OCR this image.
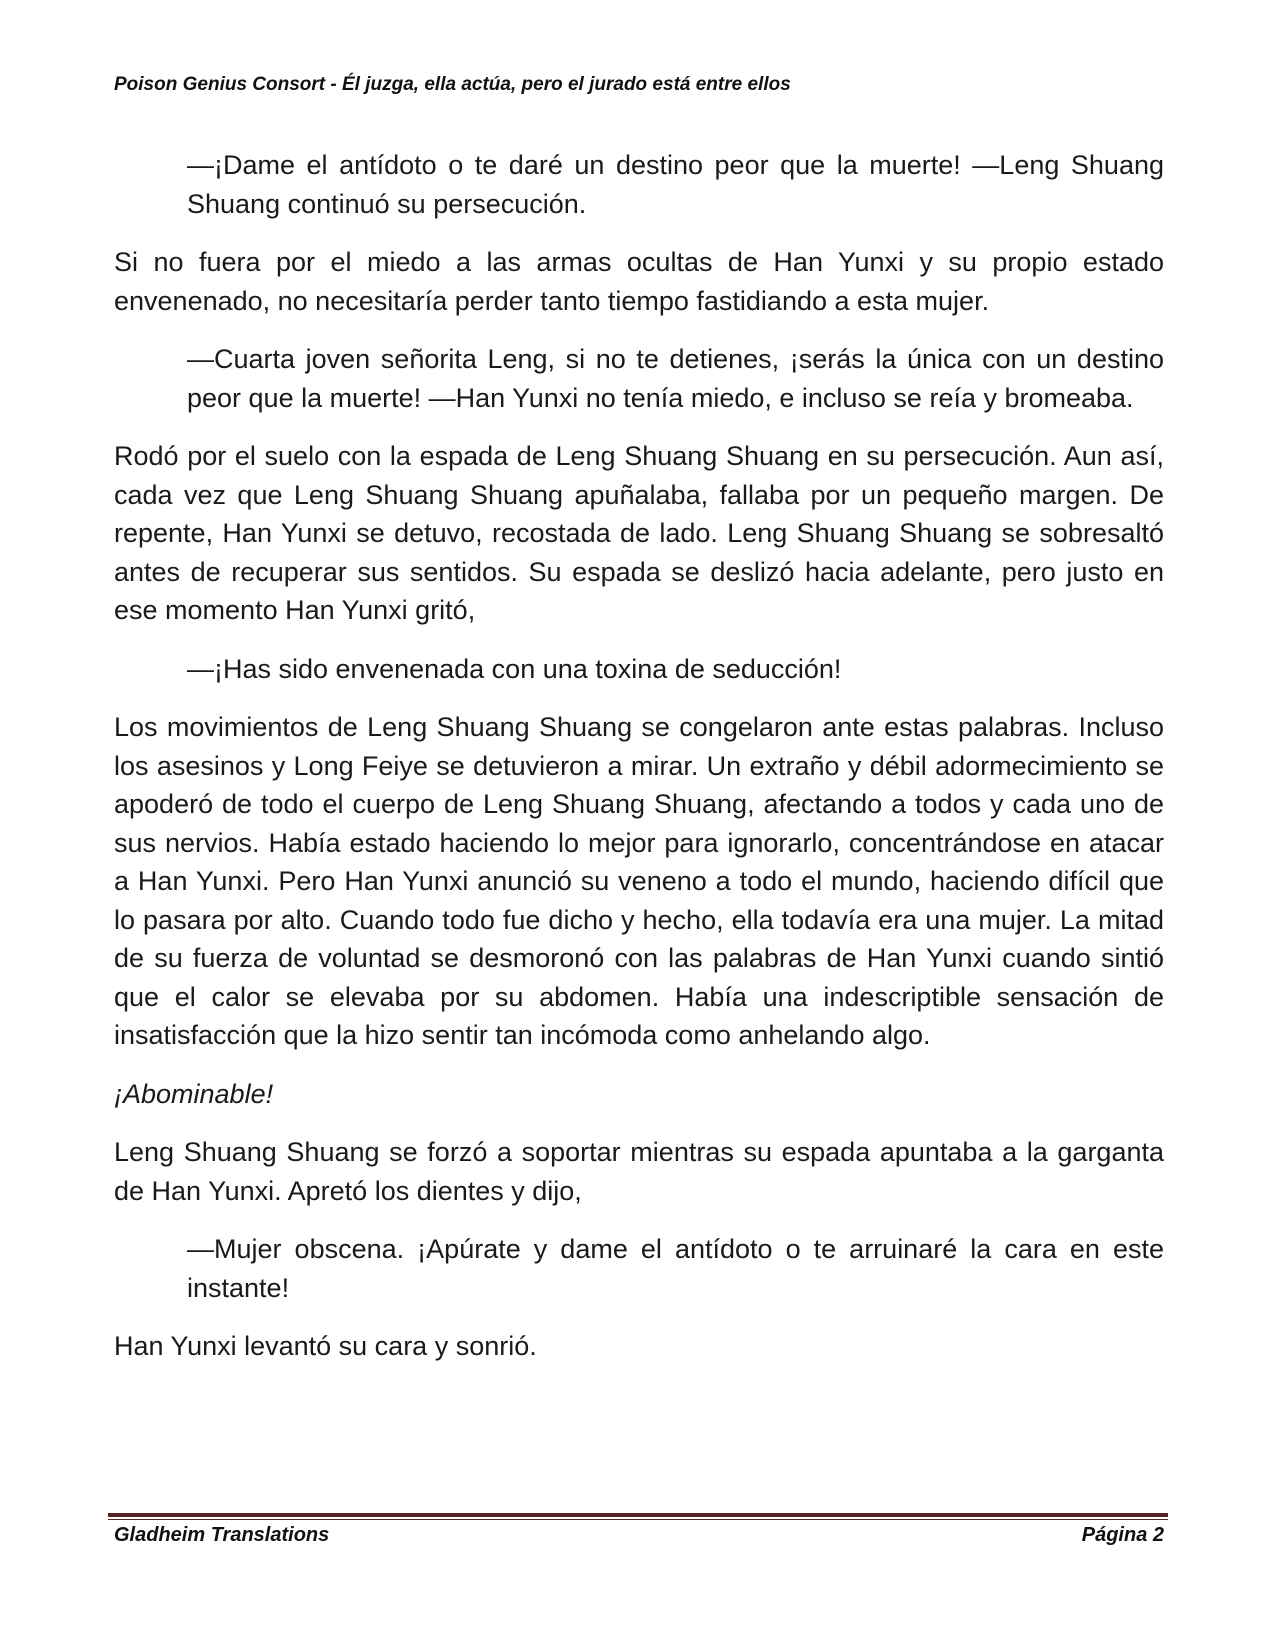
Poison Genius Consort - Él juzga, ella actúa, pero el jurado está entre ellos

—¡Dame el antídoto o te daré un destino peor que la muerte! —Leng Shuang Shuang continuó su persecución.

Si no fuera por el miedo a las armas ocultas de Han Yunxi y su propio estado envenenado, no necesitaría perder tanto tiempo fastidiando a esta mujer.

—Cuarta joven señorita Leng, si no te detienes, ¡serás la única con un destino peor que la muerte! —Han Yunxi no tenía miedo, e incluso se reía y bromeaba.

Rodó por el suelo con la espada de Leng Shuang Shuang en su persecución. Aun así, cada vez que Leng Shuang Shuang apuñalaba, fallaba por un pequeño margen. De repente, Han Yunxi se detuvo, recostada de lado. Leng Shuang Shuang se sobresaltó antes de recuperar sus sentidos. Su espada se deslizó hacia adelante, pero justo en ese momento Han Yunxi gritó,

—¡Has sido envenenada con una toxina de seducción!

Los movimientos de Leng Shuang Shuang se congelaron ante estas palabras. Incluso los asesinos y Long Feiye se detuvieron a mirar. Un extraño y débil adormecimiento se apoderó de todo el cuerpo de Leng Shuang Shuang, afectando a todos y cada uno de sus nervios. Había estado haciendo lo mejor para ignorarlo, concentrándose en atacar a Han Yunxi. Pero Han Yunxi anunció su veneno a todo el mundo, haciendo difícil que lo pasara por alto. Cuando todo fue dicho y hecho, ella todavía era una mujer. La mitad de su fuerza de voluntad se desmoronó con las palabras de Han Yunxi cuando sintió que el calor se elevaba por su abdomen. Había una indescriptible sensación de insatisfacción que la hizo sentir tan incómoda como anhelando algo.

¡Abominable!

Leng Shuang Shuang se forzó a soportar mientras su espada apuntaba a la garganta de Han Yunxi. Apretó los dientes y dijo,

—Mujer obscena. ¡Apúrate y dame el antídoto o te arruinaré la cara en este instante!

Han Yunxi levantó su cara y sonrió.

Gladheim Translations	Página 2
